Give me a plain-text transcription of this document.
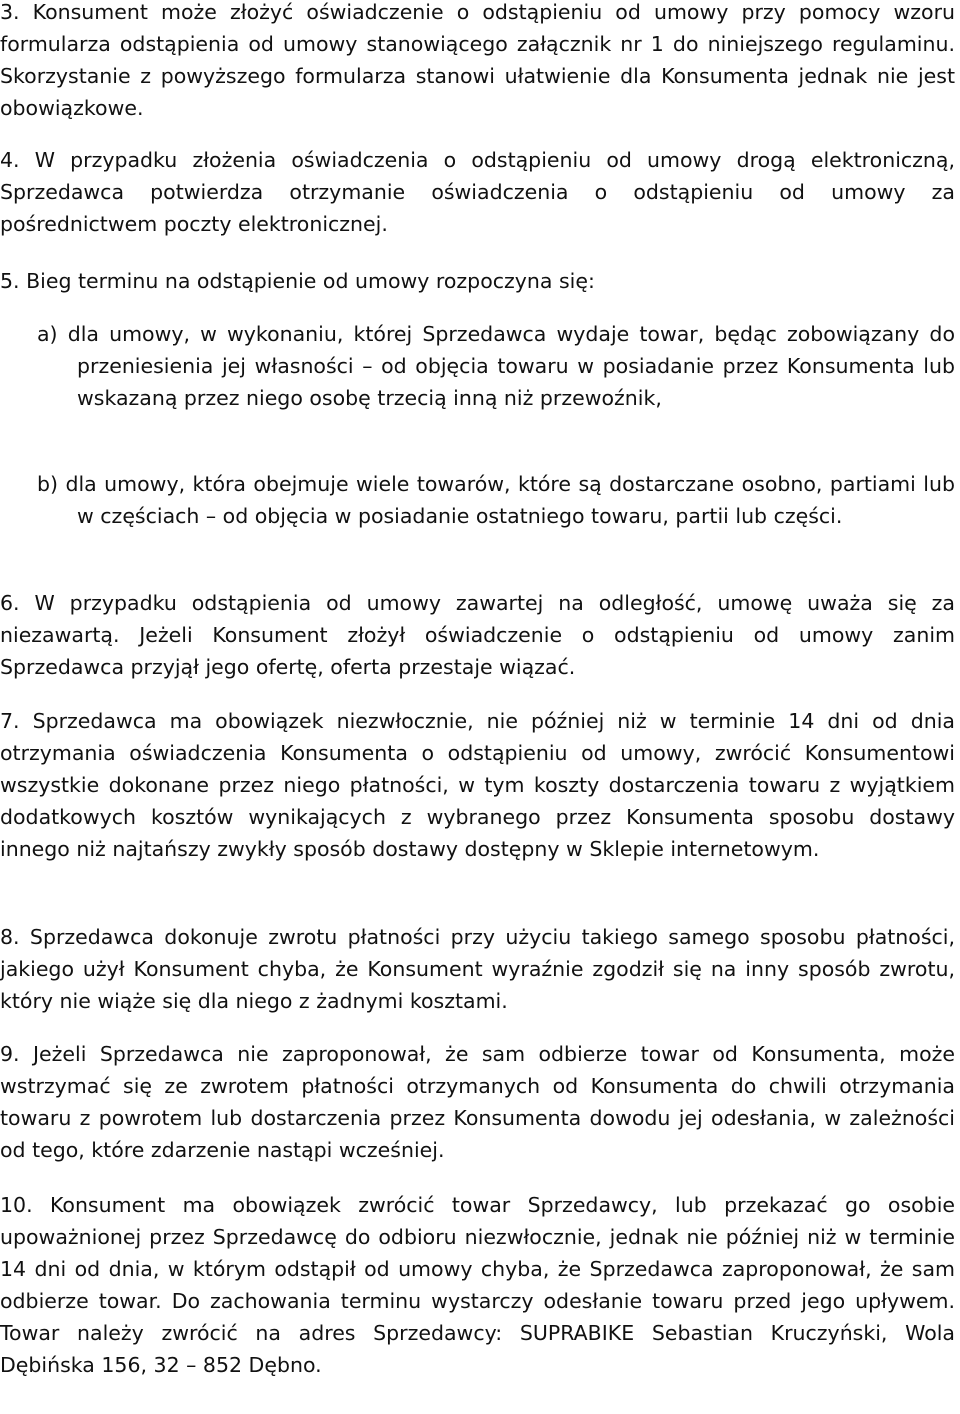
3. Konsument może złożyć oświadczenie o odstąpieniu od umowy przy pomocy wzoru formularza odstąpienia od umowy stanowiącego załącznik nr 1 do niniejszego regulaminu. Skorzystanie z powyższego formularza stanowi ułatwienie dla Konsumenta jednak nie jest obowiązkowe.

4. W przypadku złożenia oświadczenia o odstąpieniu od umowy drogą elektroniczną, Sprzedawca potwierdza otrzymanie oświadczenia o odstąpieniu od umowy za pośrednictwem poczty elektronicznej.

5. Bieg terminu na odstąpienie od umowy rozpoczyna się:

a) dla umowy, w wykonaniu, której Sprzedawca wydaje towar, będąc zobowiązany do przeniesienia jej własności – od objęcia towaru w posiadanie przez Konsumenta lub wskazaną przez niego osobę trzecią inną niż przewoźnik,

b) dla umowy, która obejmuje wiele towarów, które są dostarczane osobno, partiami lub w częściach – od objęcia w posiadanie ostatniego towaru, partii lub części.

6. W przypadku odstąpienia od umowy zawartej na odległość, umowę uważa się za niezawartą. Jeżeli Konsument złożył oświadczenie o odstąpieniu od umowy zanim Sprzedawca przyjął jego ofertę, oferta przestaje wiązać.

7. Sprzedawca ma obowiązek niezwłocznie, nie później niż w terminie 14 dni od dnia otrzymania oświadczenia Konsumenta o odstąpieniu od umowy, zwrócić Konsumentowi wszystkie dokonane przez niego płatności, w tym koszty dostarczenia towaru z wyjątkiem dodatkowych kosztów wynikających z wybranego przez Konsumenta sposobu dostawy innego niż najtańszy zwykły sposób dostawy dostępny w Sklepie internetowym.

8. Sprzedawca dokonuje zwrotu płatności przy użyciu takiego samego sposobu płatności, jakiego użył Konsument chyba, że Konsument wyraźnie zgodził się na inny sposób zwrotu, który nie wiąże się dla niego z żadnymi kosztami.

9. Jeżeli Sprzedawca nie zaproponował, że sam odbierze towar od Konsumenta, może wstrzymać się ze zwrotem płatności otrzymanych od Konsumenta do chwili otrzymania towaru z powrotem lub dostarczenia przez Konsumenta dowodu jej odesłania, w zależności od tego, które zdarzenie nastąpi wcześniej.

10. Konsument ma obowiązek zwrócić towar Sprzedawcy, lub przekazać go osobie upoważnionej przez Sprzedawcę do odbioru niezwłocznie, jednak nie później niż w terminie 14 dni od dnia, w którym odstąpił od umowy chyba, że Sprzedawca zaproponował, że sam odbierze towar. Do zachowania terminu wystarczy odesłanie towaru przed jego upływem. Towar należy zwrócić na adres Sprzedawcy: SUPRABIKE Sebastian Kruczyński, Wola Dębińska 156, 32 – 852 Dębno.
